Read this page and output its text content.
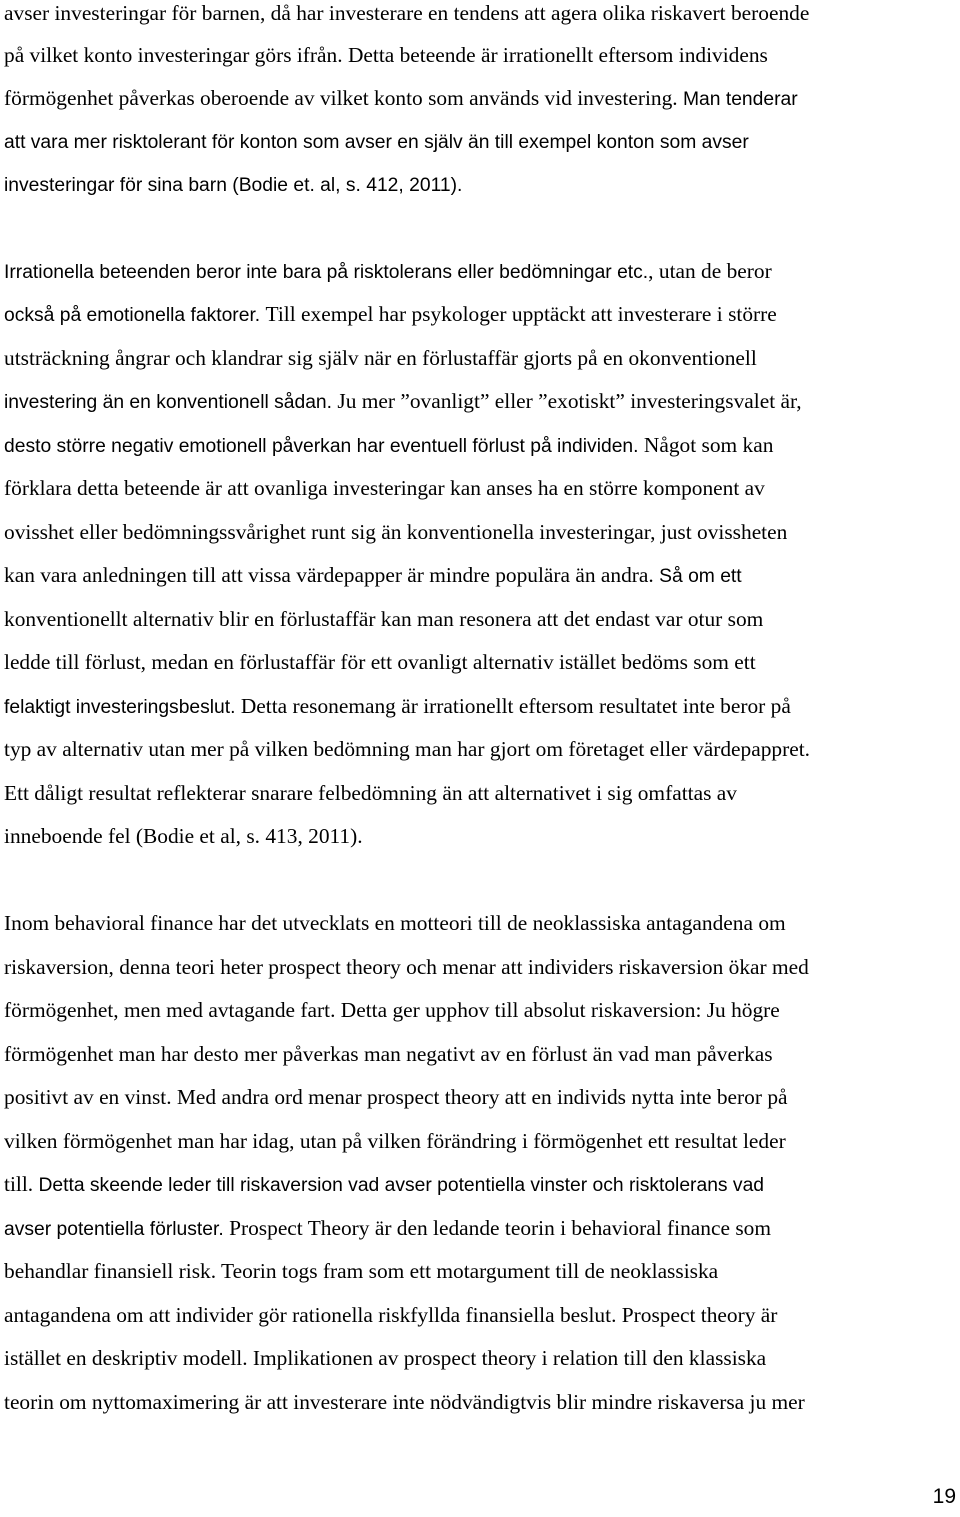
avser investeringar för barnen, då har investerare en tendens att agera olika riskavert beroende
på vilket konto investeringar görs ifrån. Detta beteende är irrationellt eftersom individens
förmögenhet påverkas oberoende av vilket konto som används vid investering. Man tenderar
att vara mer risktolerant för konton som avser en själv än till exempel konton som avser
investeringar för sina barn (Bodie et. al, s. 412, 2011).
Irrationella beteenden beror inte bara på risktolerans eller bedömningar etc., utan de beror
också på emotionella faktorer. Till exempel har psykologer upptäckt att investerare i större
utsträckning ångrar och klandrar sig själv när en förlustaffär gjorts på en okonventionell
investering än en konventionell sådan. Ju mer ”ovanligt” eller ”exotiskt” investeringsvalet är,
desto större negativ emotionell påverkan har eventuell förlust på individen. Något som kan
förklara detta beteende är att ovanliga investeringar kan anses ha en större komponent av
ovisshet eller bedömningssvårighet runt sig än konventionella investeringar, just ovissheten
kan vara anledningen till att vissa värdepapper är mindre populära än andra. Så om ett
konventionellt alternativ blir en förlustaffär kan man resonera att det endast var otur som
ledde till förlust, medan en förlustaffär för ett ovanligt alternativ istället bedöms som ett
felaktigt investeringsbeslut. Detta resonemang är irrationellt eftersom resultatet inte beror på
typ av alternativ utan mer på vilken bedömning man har gjort om företaget eller värdepappret.
Ett dåligt resultat reflekterar snarare felbedömning än att alternativet i sig omfattas av
inneboende fel (Bodie et al, s. 413, 2011).
Inom behavioral finance har det utvecklats en motteori till de neoklassiska antagandena om
riskaversion, denna teori heter prospect theory och menar att individers riskaversion ökar med
förmögenhet, men med avtagande fart. Detta ger upphov till absolut riskaversion: Ju högre
förmögenhet man har desto mer påverkas man negativt av en förlust än vad man påverkas
positivt av en vinst. Med andra ord menar prospect theory att en individs nytta inte beror på
vilken förmögenhet man har idag, utan på vilken förändring i förmögenhet ett resultat leder
till. Detta skeende leder till riskaversion vad avser potentiella vinster och risktolerans vad
avser potentiella förluster. Prospect Theory är den ledande teorin i behavioral finance som
behandlar finansiell risk. Teorin togs fram som ett motargument till de neoklassiska
antagandena om att individer gör rationella riskfyllda finansiella beslut. Prospect theory är
istället en deskriptiv modell. Implikationen av prospect theory i relation till den klassiska
teorin om nyttomaximering är att investerare inte nödvändigtvis blir mindre riskaversa ju mer
19
